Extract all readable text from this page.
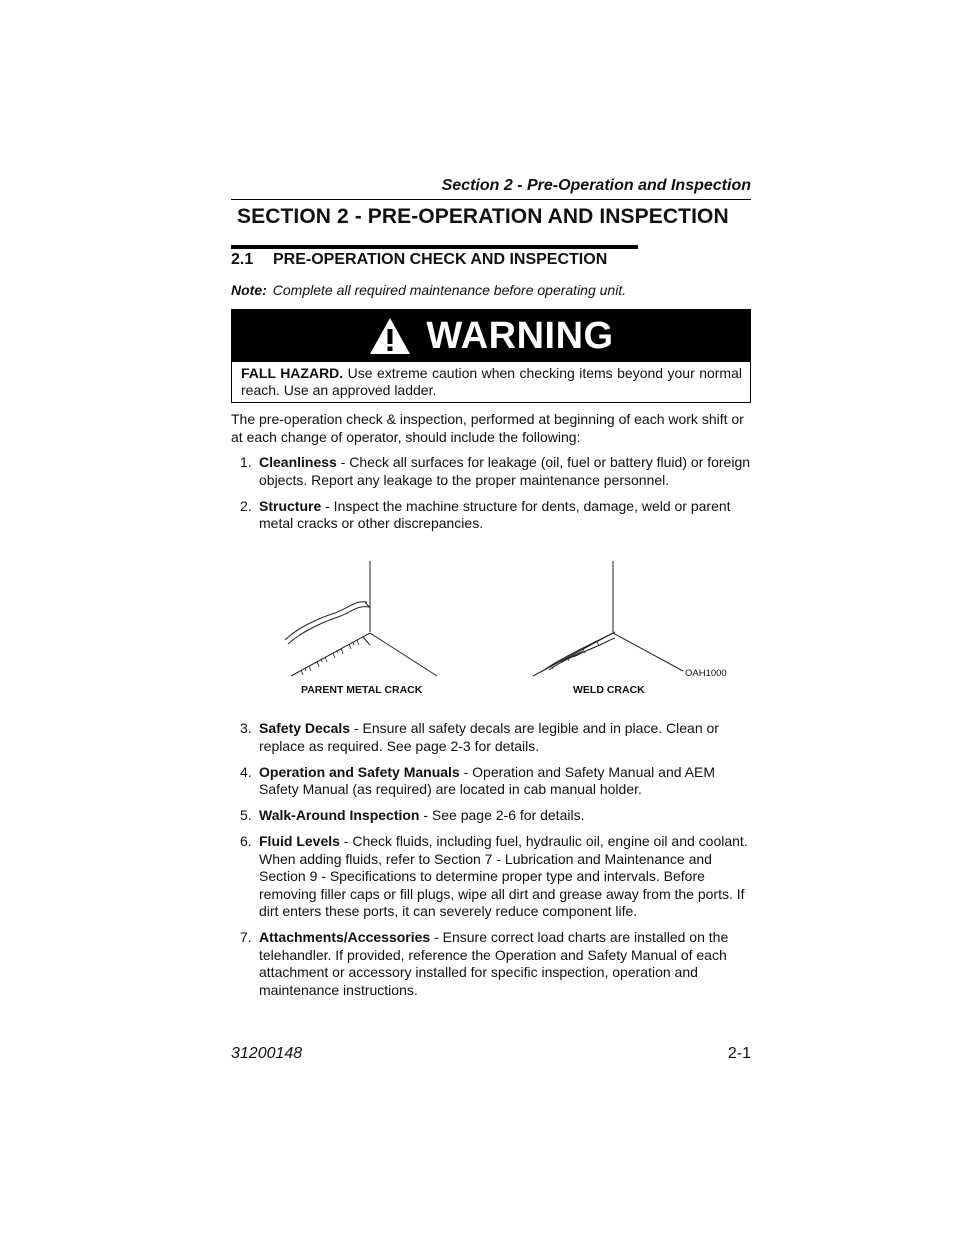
Section 2 - Pre-Operation and Inspection
SECTION 2 - PRE-OPERATION AND INSPECTION
2.1 PRE-OPERATION CHECK AND INSPECTION
Note: Complete all required maintenance before operating unit.
WARNING
FALL HAZARD. Use extreme caution when checking items beyond your normal reach. Use an approved ladder.
The pre-operation check & inspection, performed at beginning of each work shift or at each change of operator, should include the following:
1. Cleanliness - Check all surfaces for leakage (oil, fuel or battery fluid) or foreign objects. Report any leakage to the proper maintenance personnel.
2. Structure - Inspect the machine structure for dents, damage, weld or parent metal cracks or other discrepancies.
PARENT METAL CRACK	WELD CRACK
OAH1000
3. Safety Decals - Ensure all safety decals are legible and in place. Clean or replace as required. See page 2-3 for details.
4. Operation and Safety Manuals - Operation and Safety Manual and AEM Safety Manual (as required) are located in cab manual holder.
5. Walk-Around Inspection - See page 2-6 for details.
6. Fluid Levels - Check fluids, including fuel, hydraulic oil, engine oil and coolant. When adding fluids, refer to Section 7 - Lubrication and Maintenance and Section 9 - Specifications to determine proper type and intervals. Before removing filler caps or fill plugs, wipe all dirt and grease away from the ports. If dirt enters these ports, it can severely reduce component life.
7. Attachments/Accessories - Ensure correct load charts are installed on the telehandler. If provided, reference the Operation and Safety Manual of each attachment or accessory installed for specific inspection, operation and maintenance instructions.
31200148	2-1
